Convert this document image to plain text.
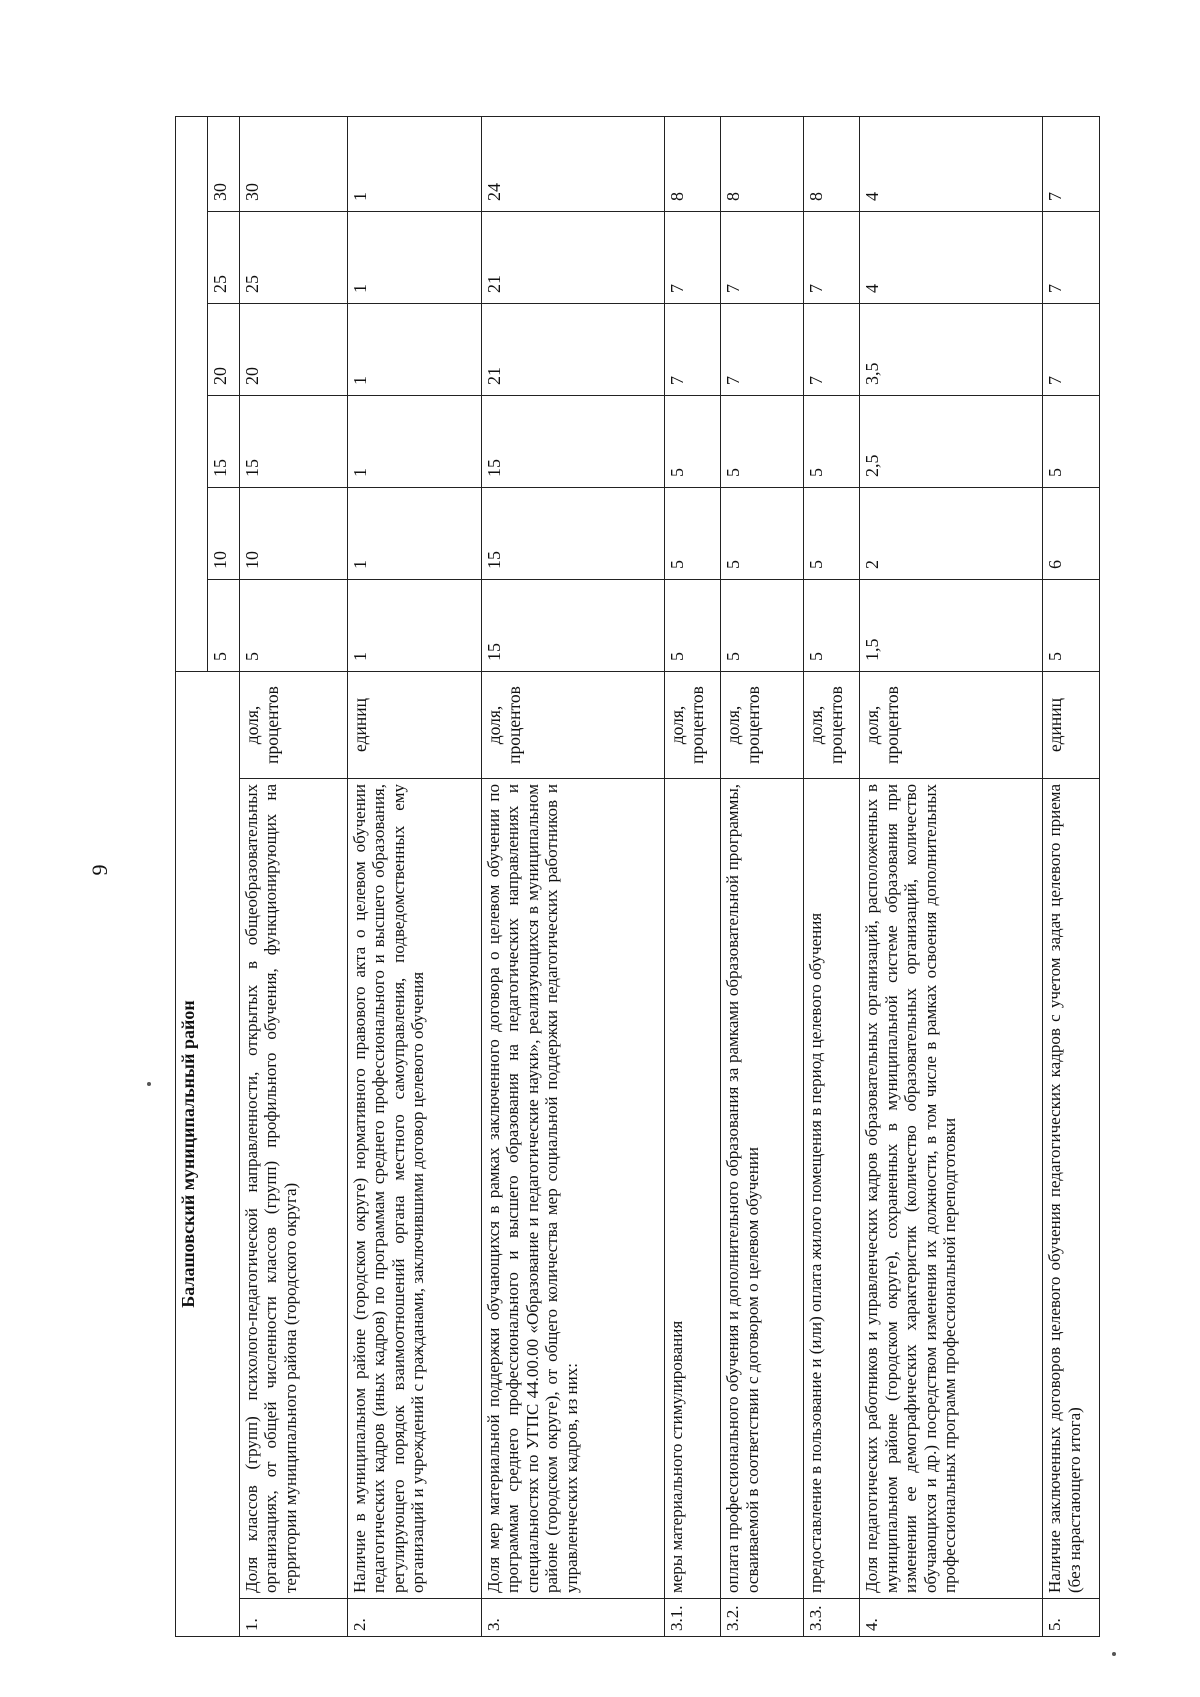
9
Балашовский муниципальный район								
			5	10	15	20	25	30
1.	Доля классов (групп) психолого-педагогической направленности, открытых в общеобразовательных организациях, от общей численности классов (групп) профильного обучения, функционирующих на территории муниципального района (городского округа)	доля, процентов	5	10	15	20	25	30
2.	Наличие в муниципальном районе (городском округе) нормативного правового акта о целевом обучении педагогических кадров (иных кадров) по программам среднего профессионального и высшего образования, регулирующего порядок взаимоотношений органа местного самоуправления, подведомственных ему организаций и учреждений с гражданами, заключившими договор целевого обучения	единиц	1	1	1	1	1	1
3.	Доля мер материальной поддержки обучающихся в рамках заключенного договора о целевом обучении по программам среднего профессионального и высшего образования на педагогических направлениях и специальностях по УГПС 44.00.00 «Образование и педагогические науки», реализующихся в муниципальном районе (городском округе), от общего количества мер социальной поддержки педагогических работников и управленческих кадров, из них:	доля, процентов	15	15	15	21	21	24
3.1.	меры материального стимулирования	доля, процентов	5	5	5	7	7	8
3.2.	оплата профессионального обучения и дополнительного образования за рамками образовательной программы, осваиваемой в соответствии с договором о целевом обучении	доля, процентов	5	5	5	7	7	8
3.3.	предоставление в пользование и (или) оплата жилого помещения в период целевого обучения	доля, процентов	5	5	5	7	7	8
4.	Доля педагогических работников и управленческих кадров образовательных организаций, расположенных в муниципальном районе (городском округе), сохраненных в муниципальной системе образования при изменении ее демографических характеристик (количество образовательных организаций, количество обучающихся и др.) посредством изменения их должности, в том числе в рамках освоения дополнительных профессиональных программ профессиональной переподготовки	доля, процентов	1,5	2	2,5	3,5	4	4
5.	Наличие заключенных договоров целевого обучения педагогических кадров с учетом задач целевого приема (без нарастающего итога)	единиц	5	6	5	7	7	7
